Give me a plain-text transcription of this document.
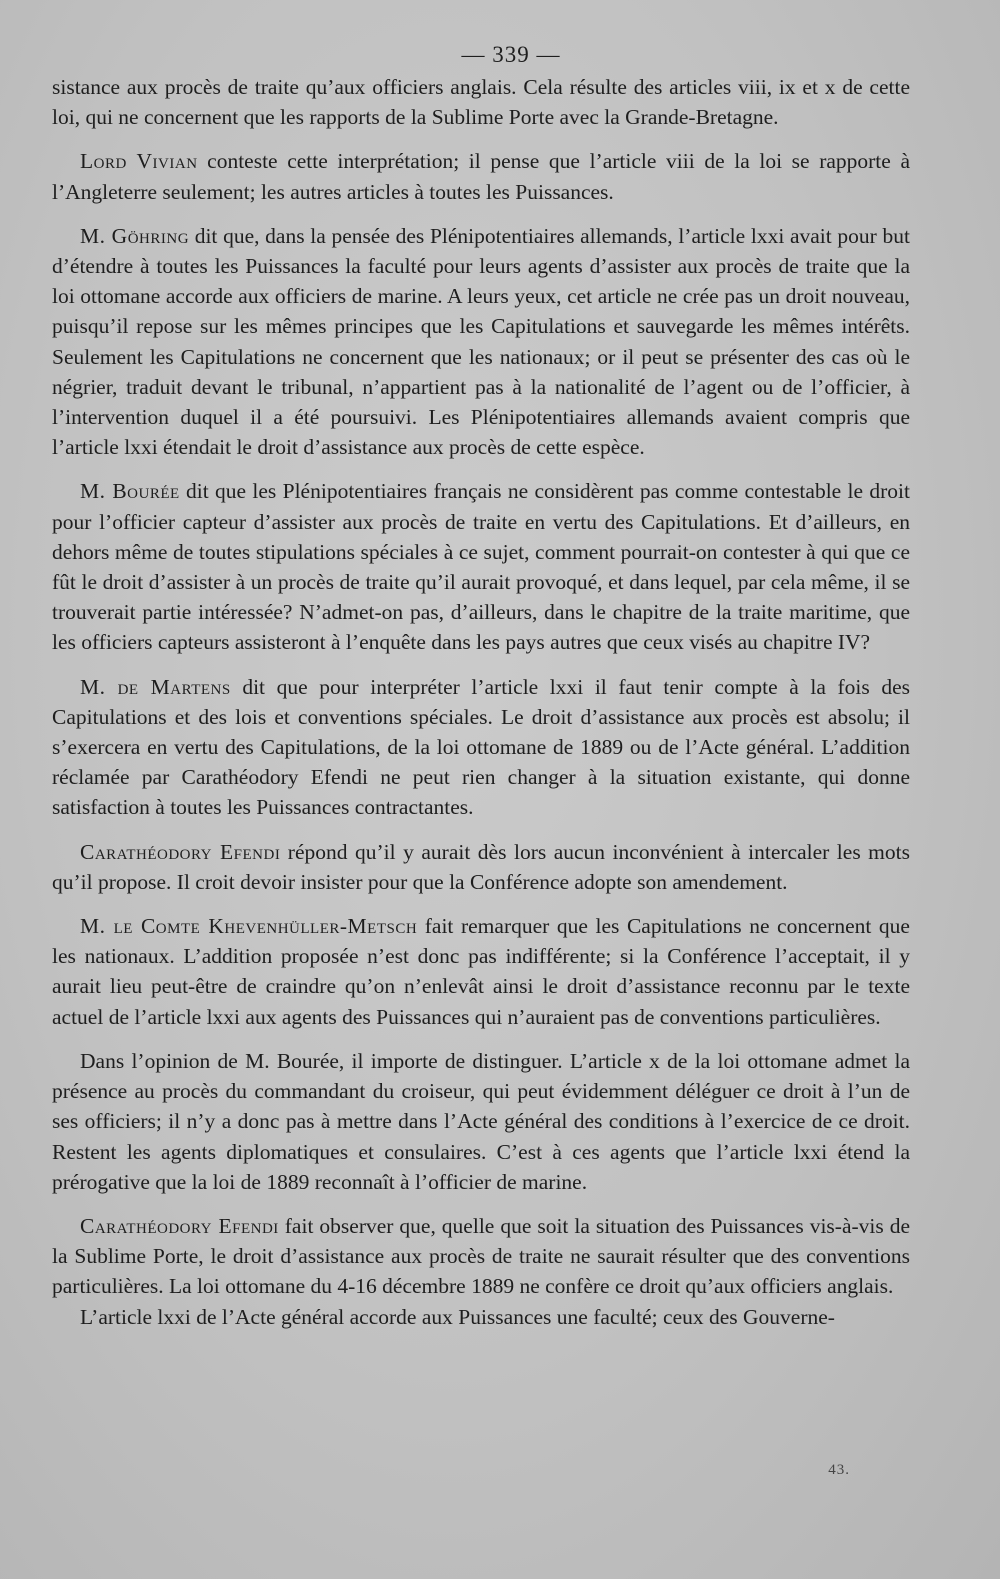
— 339 —

sistance aux procès de traite qu’aux officiers anglais. Cela résulte des articles viii, ix et x de cette loi, qui ne concernent que les rapports de la Sublime Porte avec la Grande-Bretagne.

Lord Vivian conteste cette interprétation; il pense que l’article viii de la loi se rapporte à l’Angleterre seulement; les autres articles à toutes les Puissances.

M. Göhring dit que, dans la pensée des Plénipotentiaires allemands, l’article lxxi avait pour but d’étendre à toutes les Puissances la faculté pour leurs agents d’assister aux procès de traite que la loi ottomane accorde aux officiers de marine. A leurs yeux, cet article ne crée pas un droit nouveau, puisqu’il repose sur les mêmes principes que les Capitulations et sauvegarde les mêmes intérêts. Seulement les Capitulations ne concernent que les nationaux; or il peut se présenter des cas où le négrier, traduit devant le tribunal, n’appartient pas à la nationalité de l’agent ou de l’officier, à l’intervention duquel il a été poursuivi. Les Plénipotentiaires allemands avaient compris que l’article lxxi étendait le droit d’assistance aux procès de cette espèce.

M. Bourée dit que les Plénipotentiaires français ne considèrent pas comme contestable le droit pour l’officier capteur d’assister aux procès de traite en vertu des Capitulations. Et d’ailleurs, en dehors même de toutes stipulations spéciales à ce sujet, comment pourrait-on contester à qui que ce fût le droit d’assister à un procès de traite qu’il aurait provoqué, et dans lequel, par cela même, il se trouverait partie intéressée? N’admet-on pas, d’ailleurs, dans le chapitre de la traite maritime, que les officiers capteurs assisteront à l’enquête dans les pays autres que ceux visés au chapitre IV?

M. de Martens dit que pour interpréter l’article lxxi il faut tenir compte à la fois des Capitulations et des lois et conventions spéciales. Le droit d’assistance aux procès est absolu; il s’exercera en vertu des Capitulations, de la loi ottomane de 1889 ou de l’Acte général. L’addition réclamée par Carathéodory Efendi ne peut rien changer à la situation existante, qui donne satisfaction à toutes les Puissances contractantes.

Carathéodory Efendi répond qu’il y aurait dès lors aucun inconvénient à intercaler les mots qu’il propose. Il croit devoir insister pour que la Conférence adopte son amendement.

M. le Comte Khevenhüller-Metsch fait remarquer que les Capitulations ne concernent que les nationaux. L’addition proposée n’est donc pas indifférente; si la Conférence l’acceptait, il y aurait lieu peut-être de craindre qu’on n’enlevât ainsi le droit d’assistance reconnu par le texte actuel de l’article lxxi aux agents des Puissances qui n’auraient pas de conventions particulières.

Dans l’opinion de M. Bourée, il importe de distinguer. L’article x de la loi ottomane admet la présence au procès du commandant du croiseur, qui peut évidemment déléguer ce droit à l’un de ses officiers; il n’y a donc pas à mettre dans l’Acte général des conditions à l’exercice de ce droit. Restent les agents diplomatiques et consulaires. C’est à ces agents que l’article lxxi étend la prérogative que la loi de 1889 reconnaît à l’officier de marine.

Carathéodory Efendi fait observer que, quelle que soit la situation des Puissances vis-à-vis de la Sublime Porte, le droit d’assistance aux procès de traite ne saurait résulter que des conventions particulières. La loi ottomane du 4-16 décembre 1889 ne confère ce droit qu’aux officiers anglais.

L’article lxxi de l’Acte général accorde aux Puissances une faculté; ceux des Gouverne-

43.
